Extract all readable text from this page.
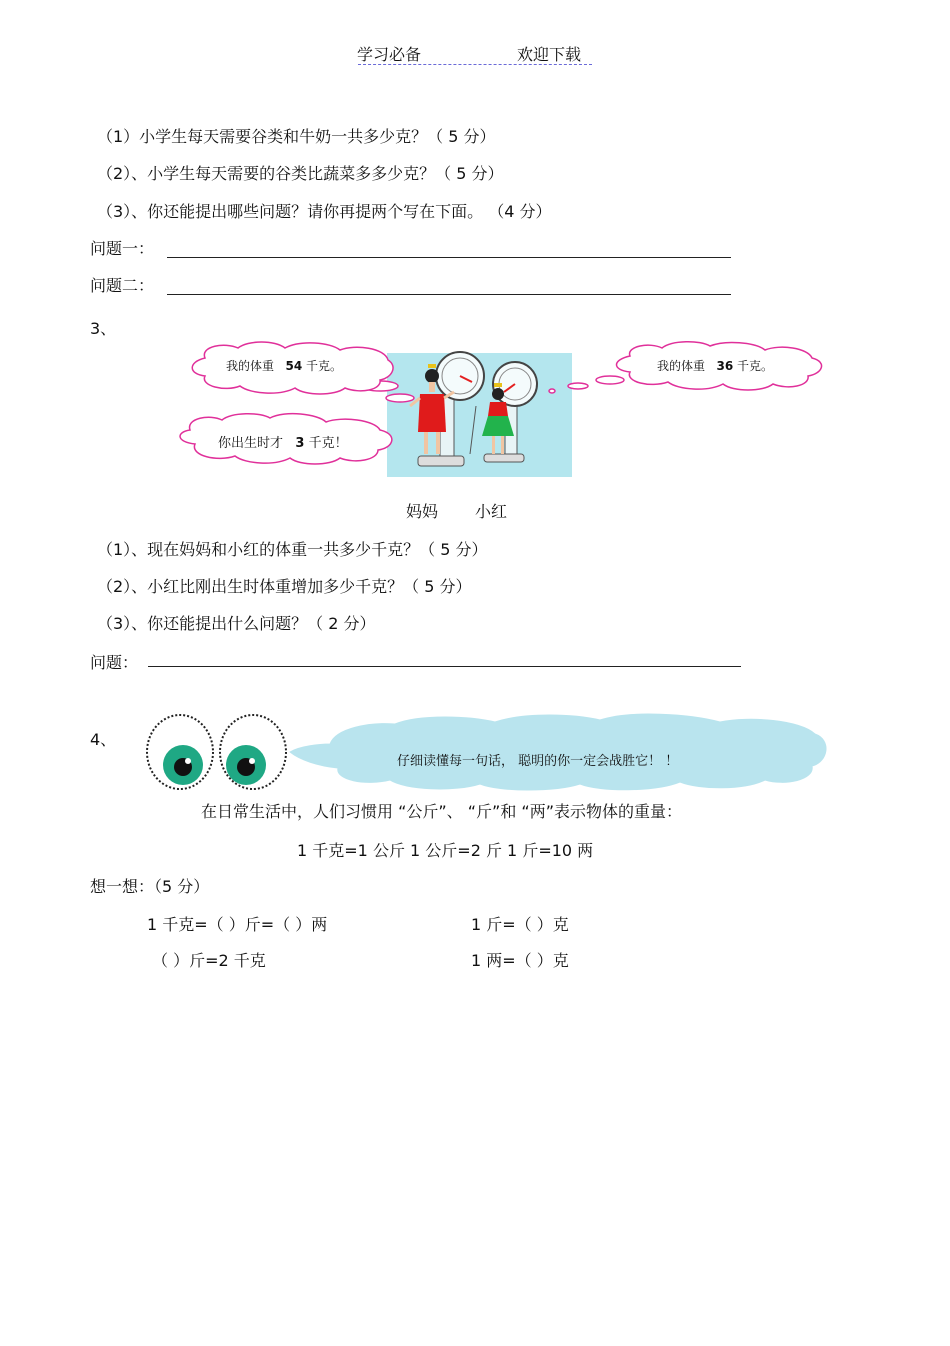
学习必备	欢迎下载
（1）小学生每天需要谷类和牛奶一共多少克？（ 5 分）
（2）、小学生每天需要的谷类比蔬菜多多少克？（ 5 分）
（3）、你还能提出哪些问题？请你再提两个写在下面。 （4 分）
问题一：
问题二：
3、
我的体重 54 千克。	我的体重 36 千克。
你出生时才 3 千克！
妈妈 小红
（1）、现在妈妈和小红的体重一共多少千克？（ 5 分）
（2）、小红比刚出生时体重增加多少千克？（ 5 分）
（3）、你还能提出什么问题？（ 2 分）
问题：
4、
仔细读懂每一句话， 聪明的你一定会战胜它！ ！
在日常生活中，人们习惯用 “公斤”、 “斤”和 “两”表示物体的重量：
1 千克=1 公斤 1 公斤=2 斤 1 斤=10 两
想一想：（5 分）
1 千克=（ ）斤=（ ）两	1 斤=（ ）克
（ ）斤=2 千克	1 两=（ ）克
